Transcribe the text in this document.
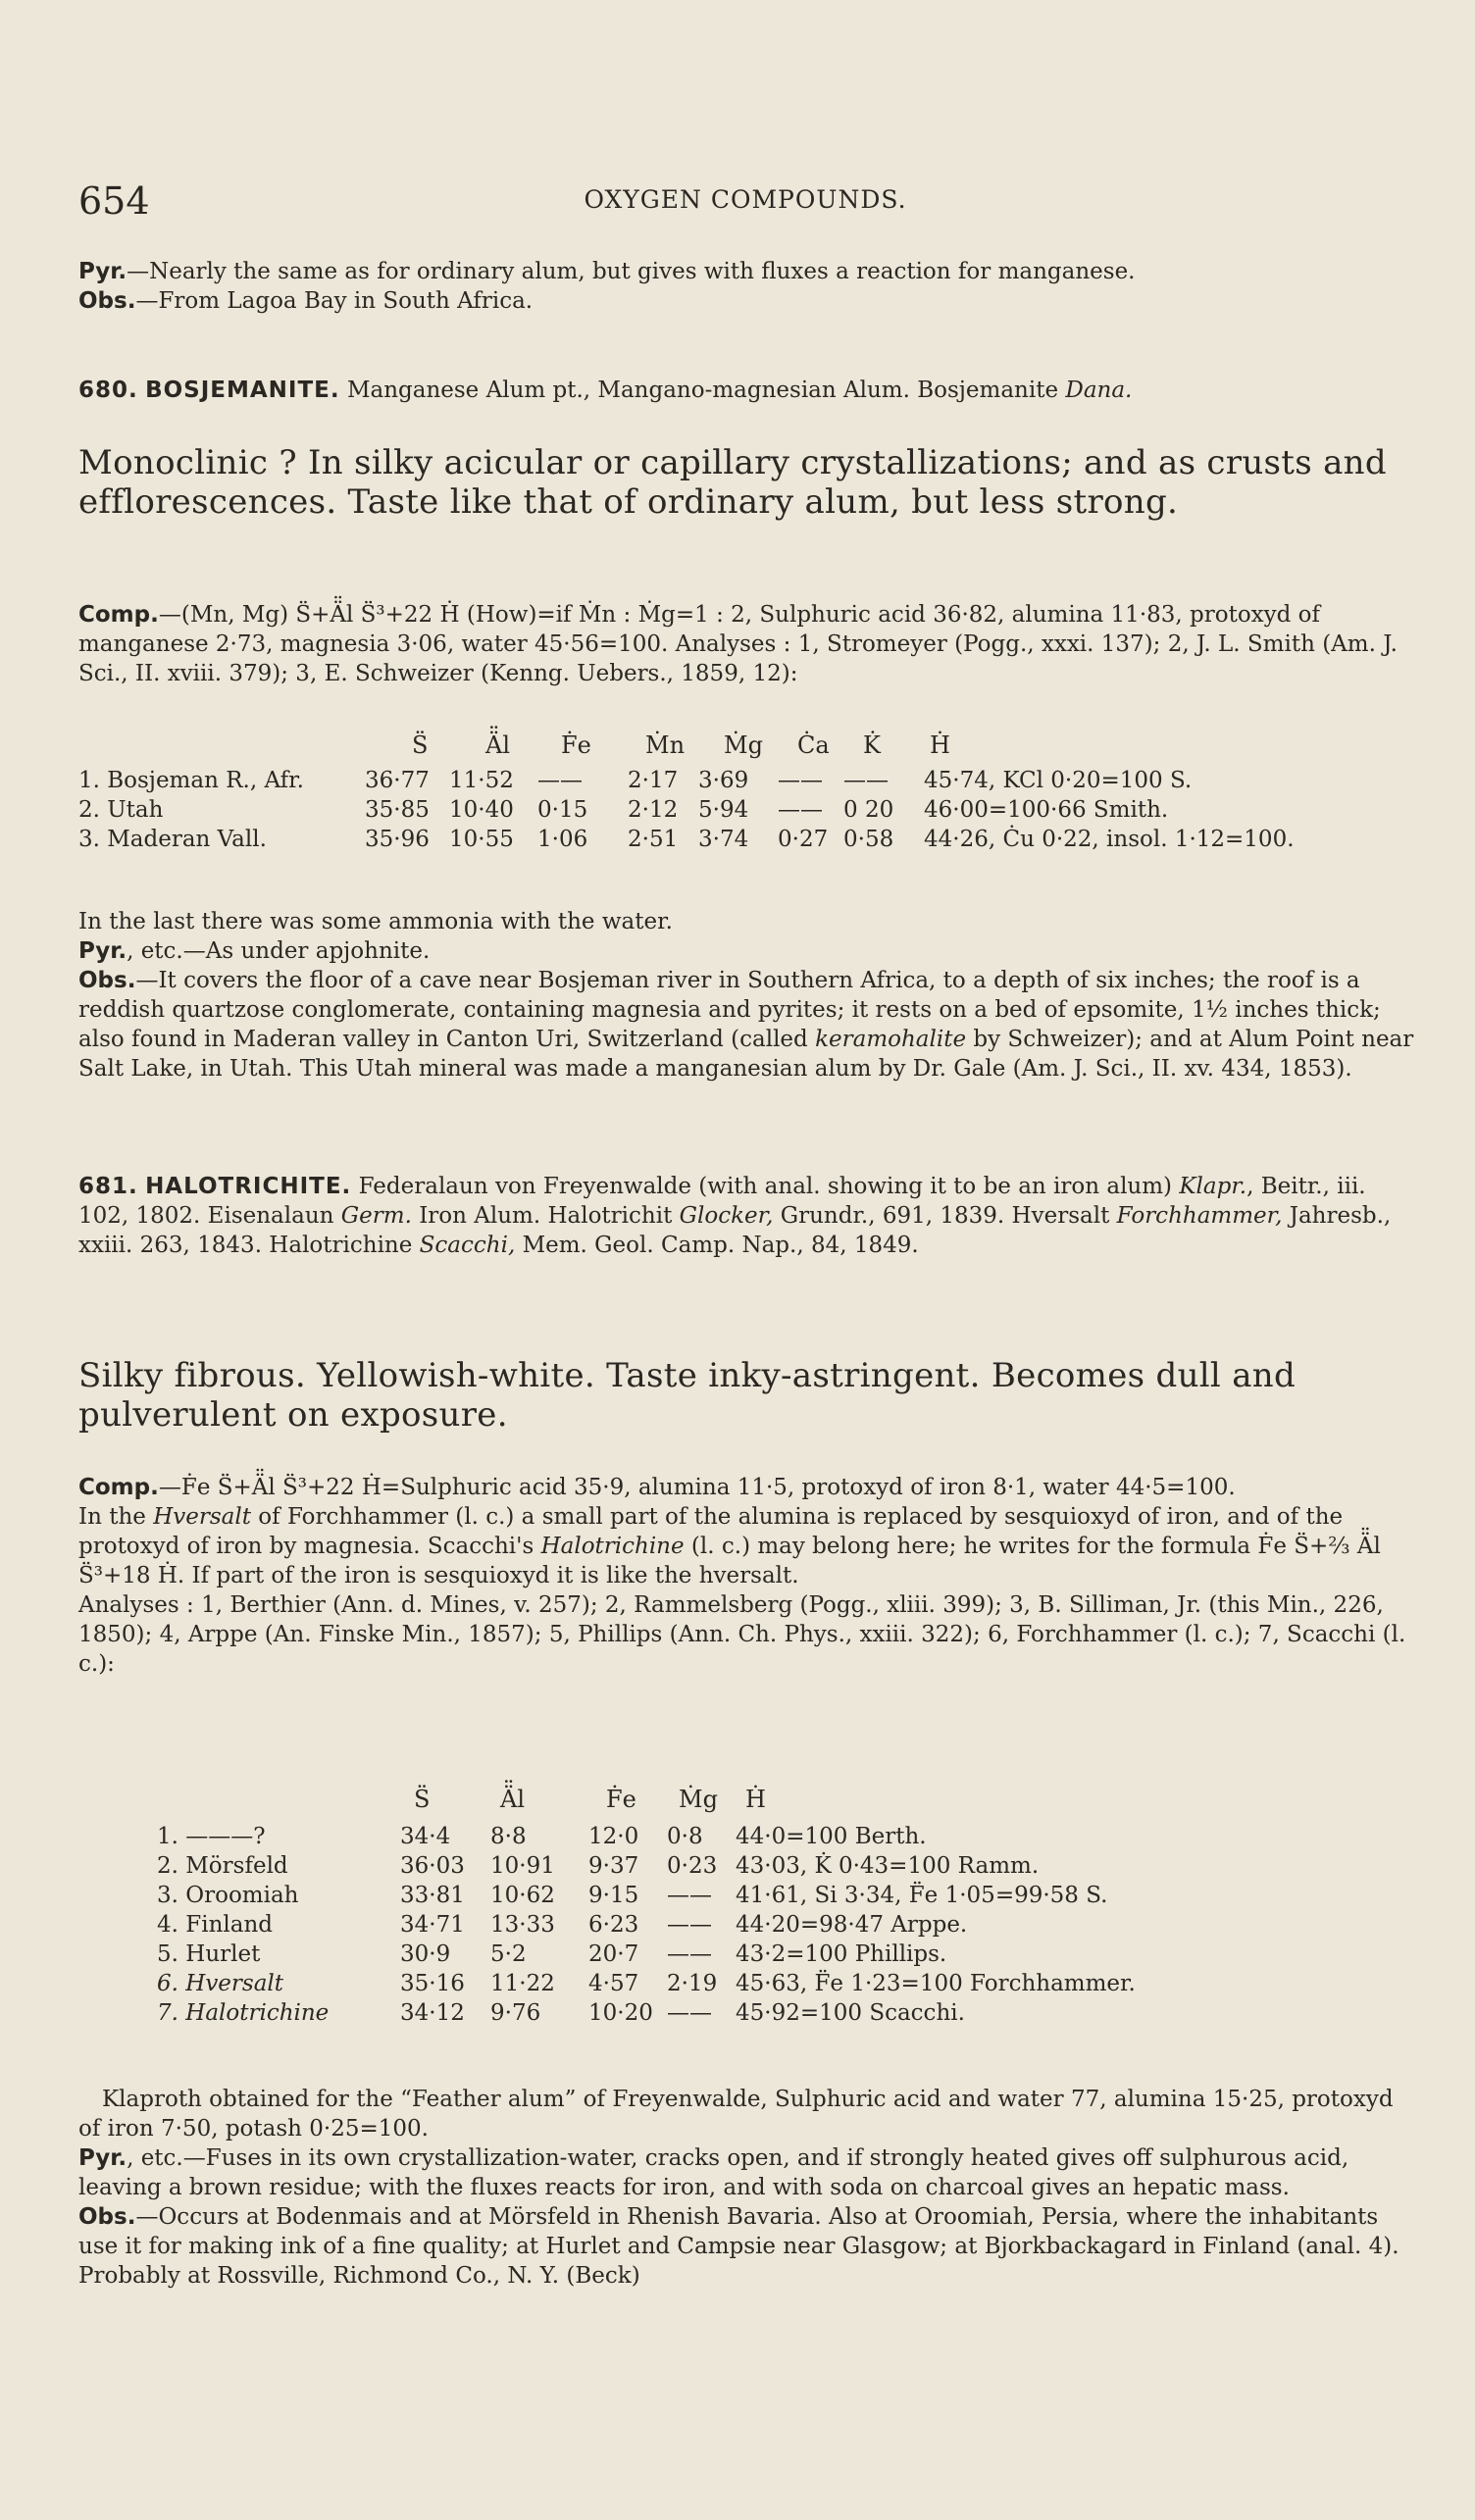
654	OXYGEN COMPOUNDS.

Pyr.—Nearly the same as for ordinary alum, but gives with fluxes a reaction for manganese.

Obs.—From Lagoa Bay in South Africa.

680. BOSJEMANITE. Manganese Alum pt., Mangano-magnesian Alum. Bosjemanite Dana.
Monoclinic ? In silky acicular or capillary crystallizations; and as crusts and efflorescences. Taste like that of ordinary alum, but less strong.
Comp.—(Mn, Mg) S̈+Ä̈l S̈³+22 Ḣ (How)=if Ṁn : Ṁg=1 : 2, Sulphuric acid 36·82, alumina 11·83, protoxyd of manganese 2·73, magnesia 3·06, water 45·56=100. Analyses : 1, Stromeyer (Pogg., xxxi. 137); 2, J. L. Smith (Am. J. Sci., II. xviii. 379); 3, E. Schweizer (Kenng. Uebers., 1859, 12):
S̈ Ä̈l Ḟe Ṁn Ṁg Ċa K̇ Ḣ
1. Bosjeman R., Afr.	36·77 11·52 —— 2·17 3·69 —— —— 45·74, KCl 0·20=100 S.
2. Utah	35·85 10·40 0·15 2·12 5·94 —— 0 20 46·00=100·66 Smith.
3. Maderan Vall.	35·96 10·55 1·06 2·51 3·74 0·27 0·58 44·26, Ċu 0·22, insol. 1·12=100.

In the last there was some ammonia with the water.

Pyr., etc.—As under apjohnite.

Obs.—It covers the floor of a cave near Bosjeman river in Southern Africa, to a depth of six inches; the roof is a reddish quartzose conglomerate, containing magnesia and pyrites; it rests on a bed of epsomite, 1½ inches thick; also found in Maderan valley in Canton Uri, Switzerland (called keramohalite by Schweizer); and at Alum Point near Salt Lake, in Utah. This Utah mineral was made a manganesian alum by Dr. Gale (Am. J. Sci., II. xv. 434, 1853).

681. HALOTRICHITE. Federalaun von Freyenwalde (with anal. showing it to be an iron alum) Klapr., Beitr., iii. 102, 1802. Eisenalaun Germ. Iron Alum. Halotrichit Glocker, Grundr., 691, 1839. Hversalt Forchhammer, Jahresb., xxiii. 263, 1843. Halotrichine Scacchi, Mem. Geol. Camp. Nap., 84, 1849.
Silky fibrous. Yellowish-white. Taste inky-astringent. Becomes dull and pulverulent on exposure.

Comp.—Ḟe S̈+Ä̈l S̈³+22 Ḣ=Sulphuric acid 35·9, alumina 11·5, protoxyd of iron 8·1, water 44·5=100.

In the Hversalt of Forchhammer (l. c.) a small part of the alumina is replaced by sesquioxyd of iron, and of the protoxyd of iron by magnesia. Scacchi's Halotrichine (l. c.) may belong here; he writes for the formula Ḟe S̈+⅔ Ä̈l S̈³+18 Ḣ. If part of the iron is sesquioxyd it is like the hversalt.

Analyses : 1, Berthier (Ann. d. Mines, v. 257); 2, Rammelsberg (Pogg., xliii. 399); 3, B. Silliman, Jr. (this Min., 226, 1850); 4, Arppe (An. Finske Min., 1857); 5, Phillips (Ann. Ch. Phys., xxiii. 322); 6, Forchhammer (l. c.); 7, Scacchi (l. c.):

S̈	Ä̈l	Ḟe Ṁg Ḣ
1. ———?	34·4 8·8	12·0 0·8 44·0=100 Berth.
2. Mörsfeld	36·03 10·91 9·37 0·23 43·03, K̇ 0·43=100 Ramm.
3. Oroomiah	33·81 10·62 9·15 —— 41·61, Si 3·34, F̈e 1·05=99·58 S.
4. Finland	34·71 13·33 6·23 —— 44·20=98·47 Arppe.
5. Hurlet	30·9 5·2	20·7 —— 43·2=100 Phillips.
6. Hversalt	35·16 11·22 4·57 2·19 45·63, F̈e 1·23=100 Forchhammer.
7. Halotrichine	34·12 9·76 10·20 —— 45·92=100 Scacchi.

Klaproth obtained for the “Feather alum” of Freyenwalde, Sulphuric acid and water 77, alumina 15·25, protoxyd of iron 7·50, potash 0·25=100.

Pyr., etc.—Fuses in its own crystallization-water, cracks open, and if strongly heated gives off sulphurous acid, leaving a brown residue; with the fluxes reacts for iron, and with soda on charcoal gives an hepatic mass.

Obs.—Occurs at Bodenmais and at Mörsfeld in Rhenish Bavaria. Also at Oroomiah, Persia, where the inhabitants use it for making ink of a fine quality; at Hurlet and Campsie near Glasgow; at Bjorkbackagard in Finland (anal. 4). Probably at Rossville, Richmond Co., N. Y. (Beck)
